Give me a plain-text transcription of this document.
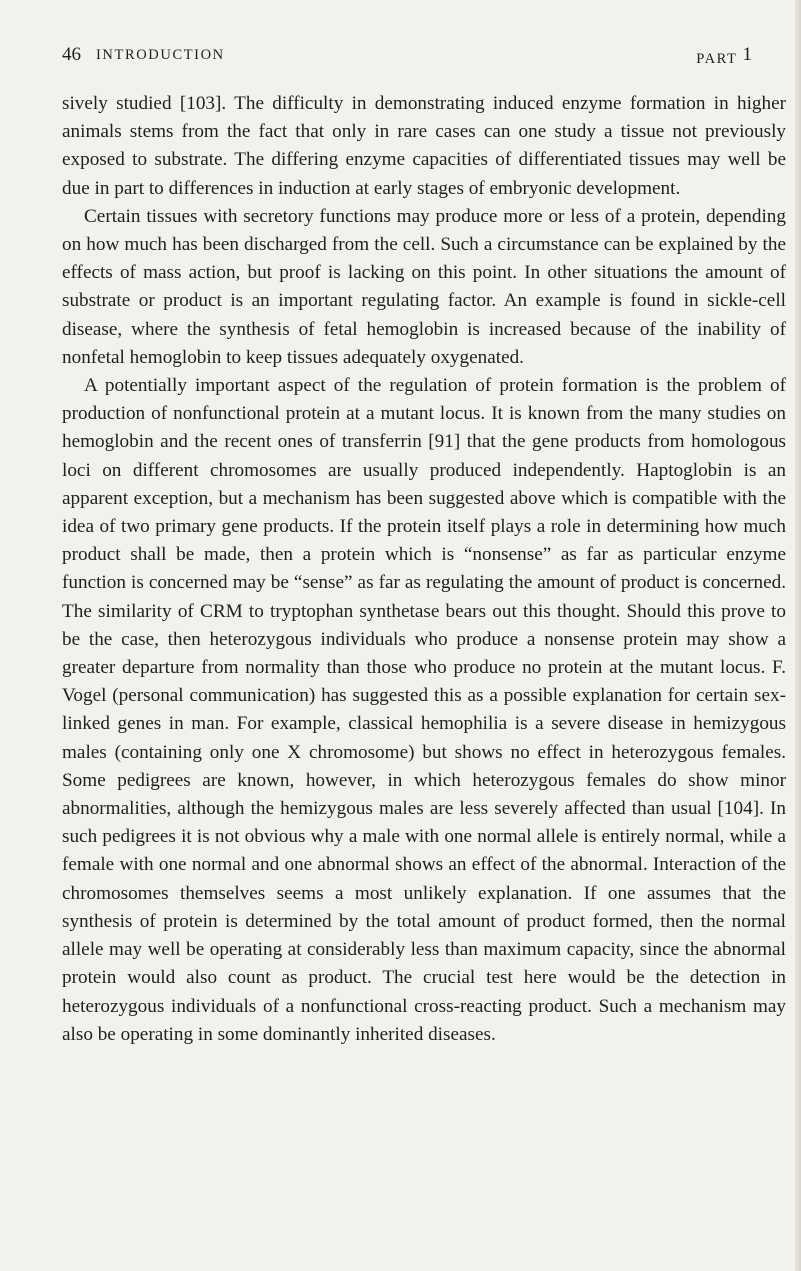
46 INTRODUCTION	PART 1

sively studied [103]. The difficulty in demonstrating induced enzyme formation in higher animals stems from the fact that only in rare cases can one study a tissue not previously exposed to substrate. The differing enzyme capacities of differentiated tissues may well be due in part to differences in induction at early stages of embryonic development.

Certain tissues with secretory functions may produce more or less of a protein, depending on how much has been discharged from the cell. Such a circumstance can be explained by the effects of mass action, but proof is lacking on this point. In other situations the amount of substrate or product is an important regulating factor. An example is found in sickle-cell disease, where the synthesis of fetal hemoglobin is increased because of the inability of nonfetal hemoglobin to keep tissues adequately oxygenated.

A potentially important aspect of the regulation of protein formation is the problem of production of nonfunctional protein at a mutant locus. It is known from the many studies on hemoglobin and the recent ones of transferrin [91] that the gene products from homologous loci on different chromosomes are usually produced independently. Haptoglobin is an apparent exception, but a mechanism has been suggested above which is compatible with the idea of two primary gene products. If the protein itself plays a role in determining how much product shall be made, then a protein which is “nonsense” as far as particular enzyme function is concerned may be “sense” as far as regulating the amount of product is concerned. The similarity of CRM to tryptophan synthetase bears out this thought. Should this prove to be the case, then heterozygous individuals who produce a nonsense protein may show a greater departure from normality than those who produce no protein at the mutant locus. F. Vogel (personal communication) has suggested this as a possible explanation for certain sex-linked genes in man. For example, classical hemophilia is a severe disease in hemizygous males (containing only one X chromosome) but shows no effect in heterozygous females. Some pedigrees are known, however, in which heterozygous females do show minor abnormalities, although the hemizygous males are less severely affected than usual [104]. In such pedigrees it is not obvious why a male with one normal allele is entirely normal, while a female with one normal and one abnormal shows an effect of the abnormal. Interaction of the chromosomes themselves seems a most unlikely explanation. If one assumes that the synthesis of protein is determined by the total amount of product formed, then the normal allele may well be operating at considerably less than maximum capacity, since the abnormal protein would also count as product. The crucial test here would be the detection in heterozygous individuals of a nonfunctional cross-reacting product. Such a mechanism may also be operating in some dominantly inherited diseases.
